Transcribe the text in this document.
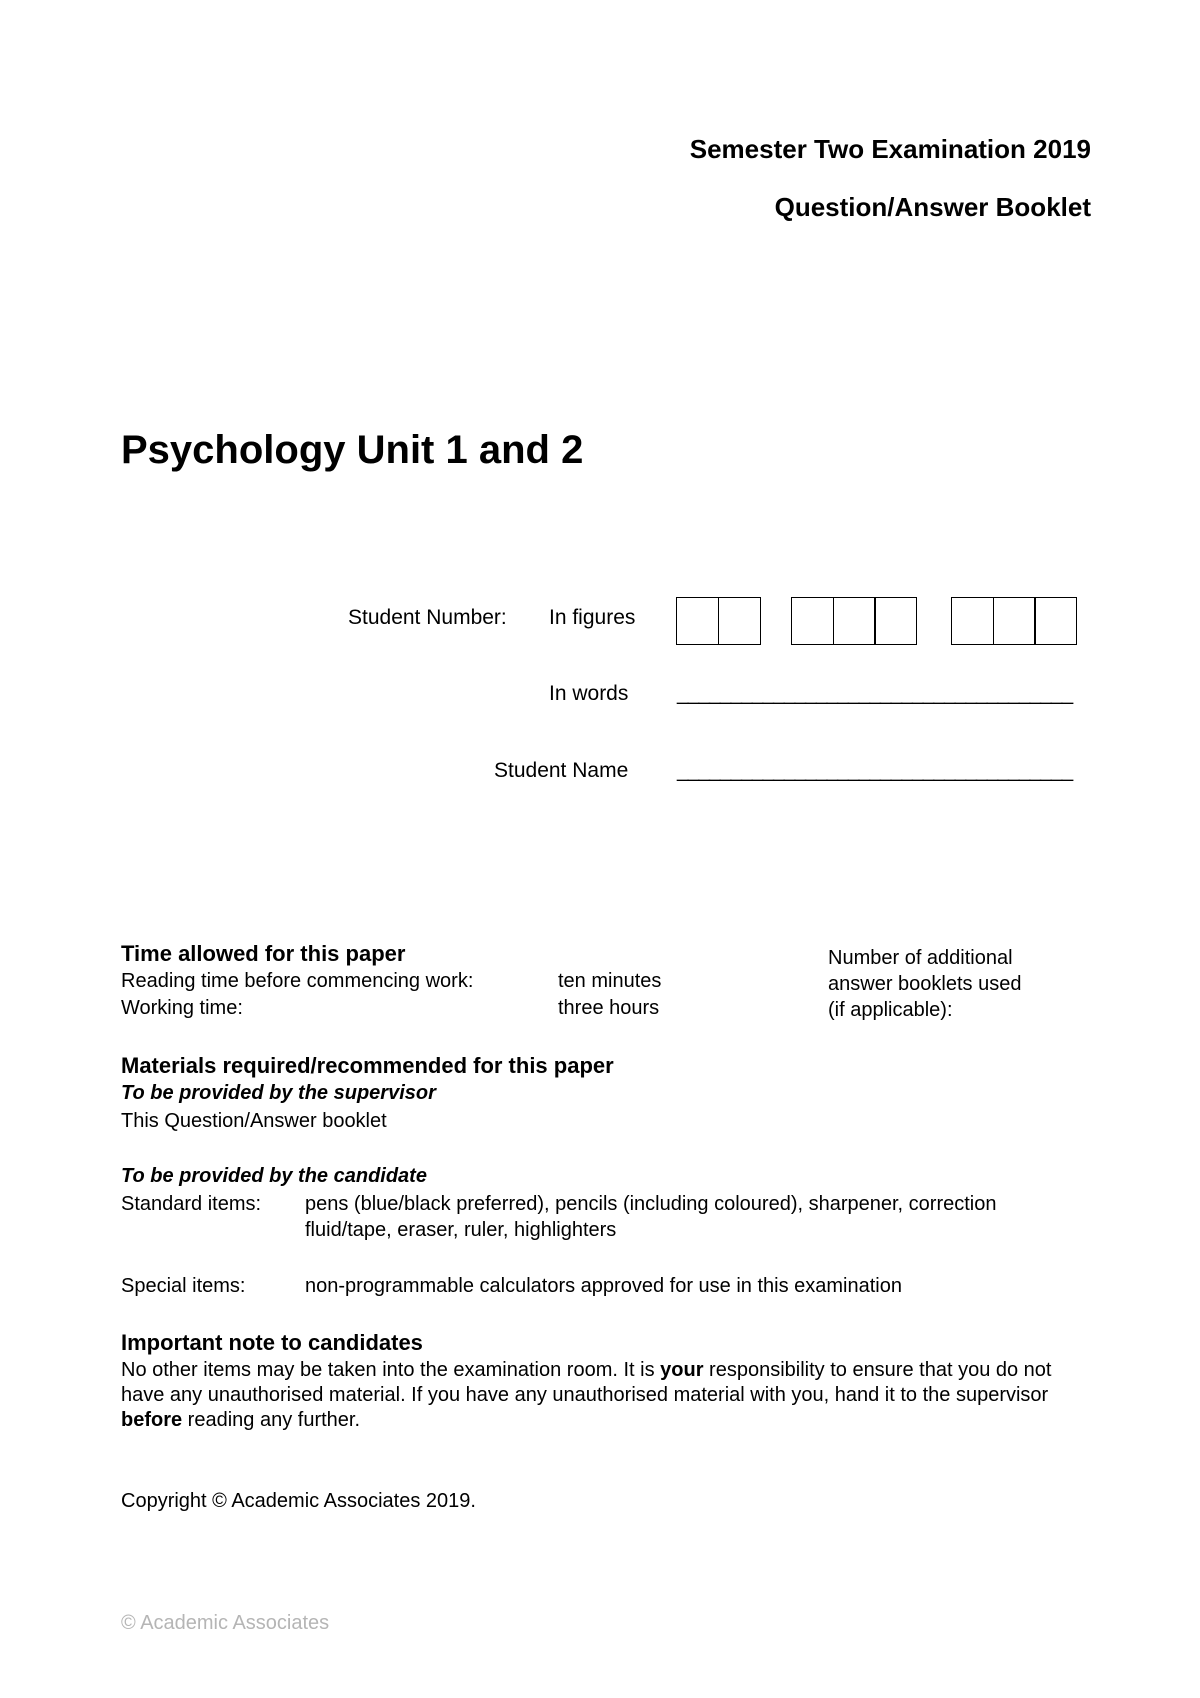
Semester Two Examination 2019
Question/Answer Booklet
Psychology Unit 1 and 2
Student Number: In figures
In words _____________________________________
Student Name _____________________________________
Time allowed for this paper
Reading time before commencing work:	ten minutes
Working time:	three hours
Number of additional
answer booklets used
(if applicable):
Materials required/recommended for this paper
To be provided by the supervisor
This Question/Answer booklet
To be provided by the candidate
Standard items: pens (blue/black preferred), pencils (including coloured), sharpener, correction
fluid/tape, eraser, ruler, highlighters
Special items:	non-programmable calculators approved for use in this examination
Important note to candidates
No other items may be taken into the examination room. It is your responsibility to ensure that you do not have any unauthorised material. If you have any unauthorised material with you, hand it to the supervisor before reading any further.
Copyright © Academic Associates 2019.
© Academic Associates
